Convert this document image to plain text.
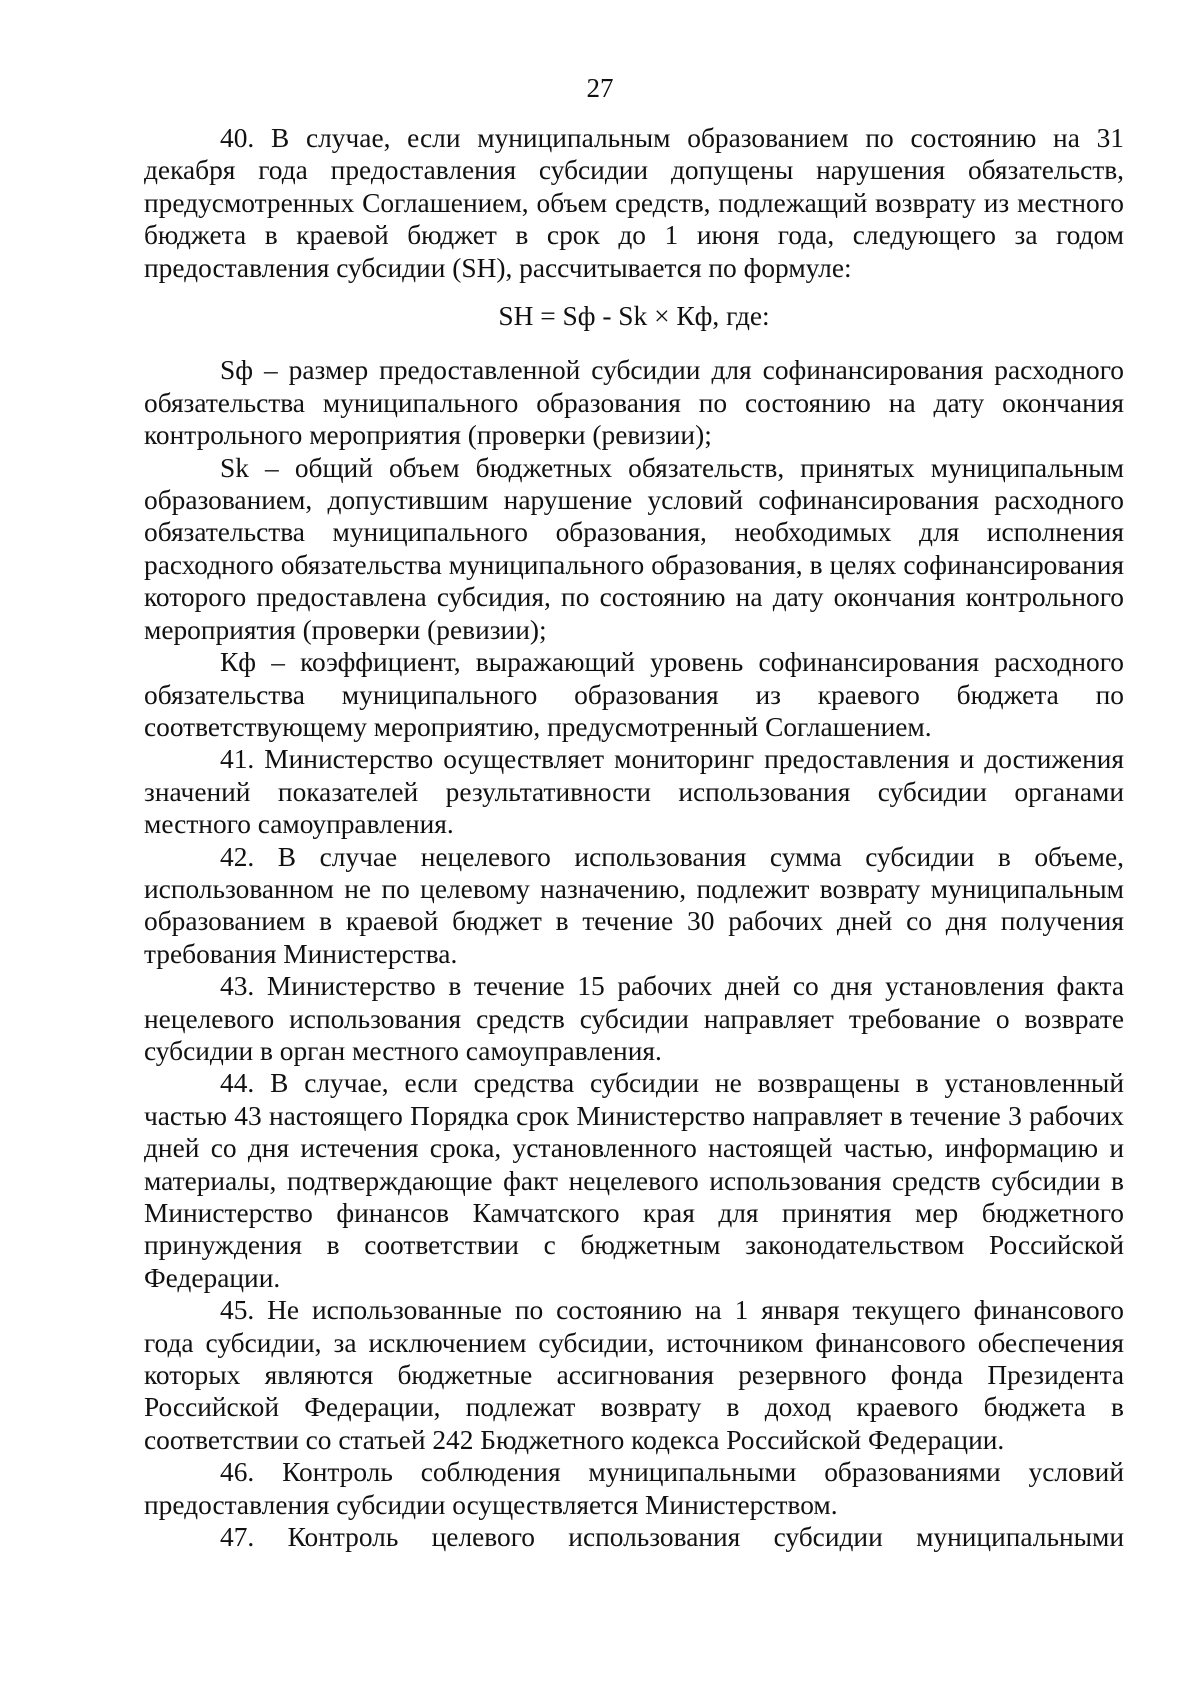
27

40. В случае, если муниципальным образованием по состоянию на 31 декабря года предоставления субсидии допущены нарушения обязательств, предусмотренных Соглашением, объем средств, подлежащий возврату из местного бюджета в краевой бюджет в срок до 1 июня года, следующего за годом предоставления субсидии (SH), рассчитывается по формуле:

SH = Sф - Sk × Кф, где:

Sф – размер предоставленной субсидии для софинансирования расходного обязательства муниципального образования по состоянию на дату окончания контрольного мероприятия (проверки (ревизии);

Sk – общий объем бюджетных обязательств, принятых муниципальным образованием, допустившим нарушение условий софинансирования расходного обязательства муниципального образования, необходимых для исполнения расходного обязательства муниципального образования, в целях софинансирования которого предоставлена субсидия, по состоянию на дату окончания контрольного мероприятия (проверки (ревизии);

Кф – коэффициент, выражающий уровень софинансирования расходного обязательства муниципального образования из краевого бюджета по соответствующему мероприятию, предусмотренный Соглашением.

41. Министерство осуществляет мониторинг предоставления и достижения значений показателей результативности использования субсидии органами местного самоуправления.

42. В случае нецелевого использования сумма субсидии в объеме, использованном не по целевому назначению, подлежит возврату муниципальным образованием в краевой бюджет в течение 30 рабочих дней со дня получения требования Министерства.

43. Министерство в течение 15 рабочих дней со дня установления факта нецелевого использования средств субсидии направляет требование о возврате субсидии в орган местного самоуправления.

44. В случае, если средства субсидии не возвращены в установленный частью 43 настоящего Порядка срок Министерство направляет в течение 3 рабочих дней со дня истечения срока, установленного настоящей частью, информацию и материалы, подтверждающие факт нецелевого использования средств субсидии в Министерство финансов Камчатского края для принятия мер бюджетного принуждения в соответствии с бюджетным законодательством Российской Федерации.

45. Не использованные по состоянию на 1 января текущего финансового года субсидии, за исключением субсидии, источником финансового обеспечения которых являются бюджетные ассигнования резервного фонда Президента Российской Федерации, подлежат возврату в доход краевого бюджета в соответствии со статьей 242 Бюджетного кодекса Российской Федерации.

46. Контроль соблюдения муниципальными образованиями условий предоставления субсидии осуществляется Министерством.

47. Контроль целевого использования субсидии муниципальными
